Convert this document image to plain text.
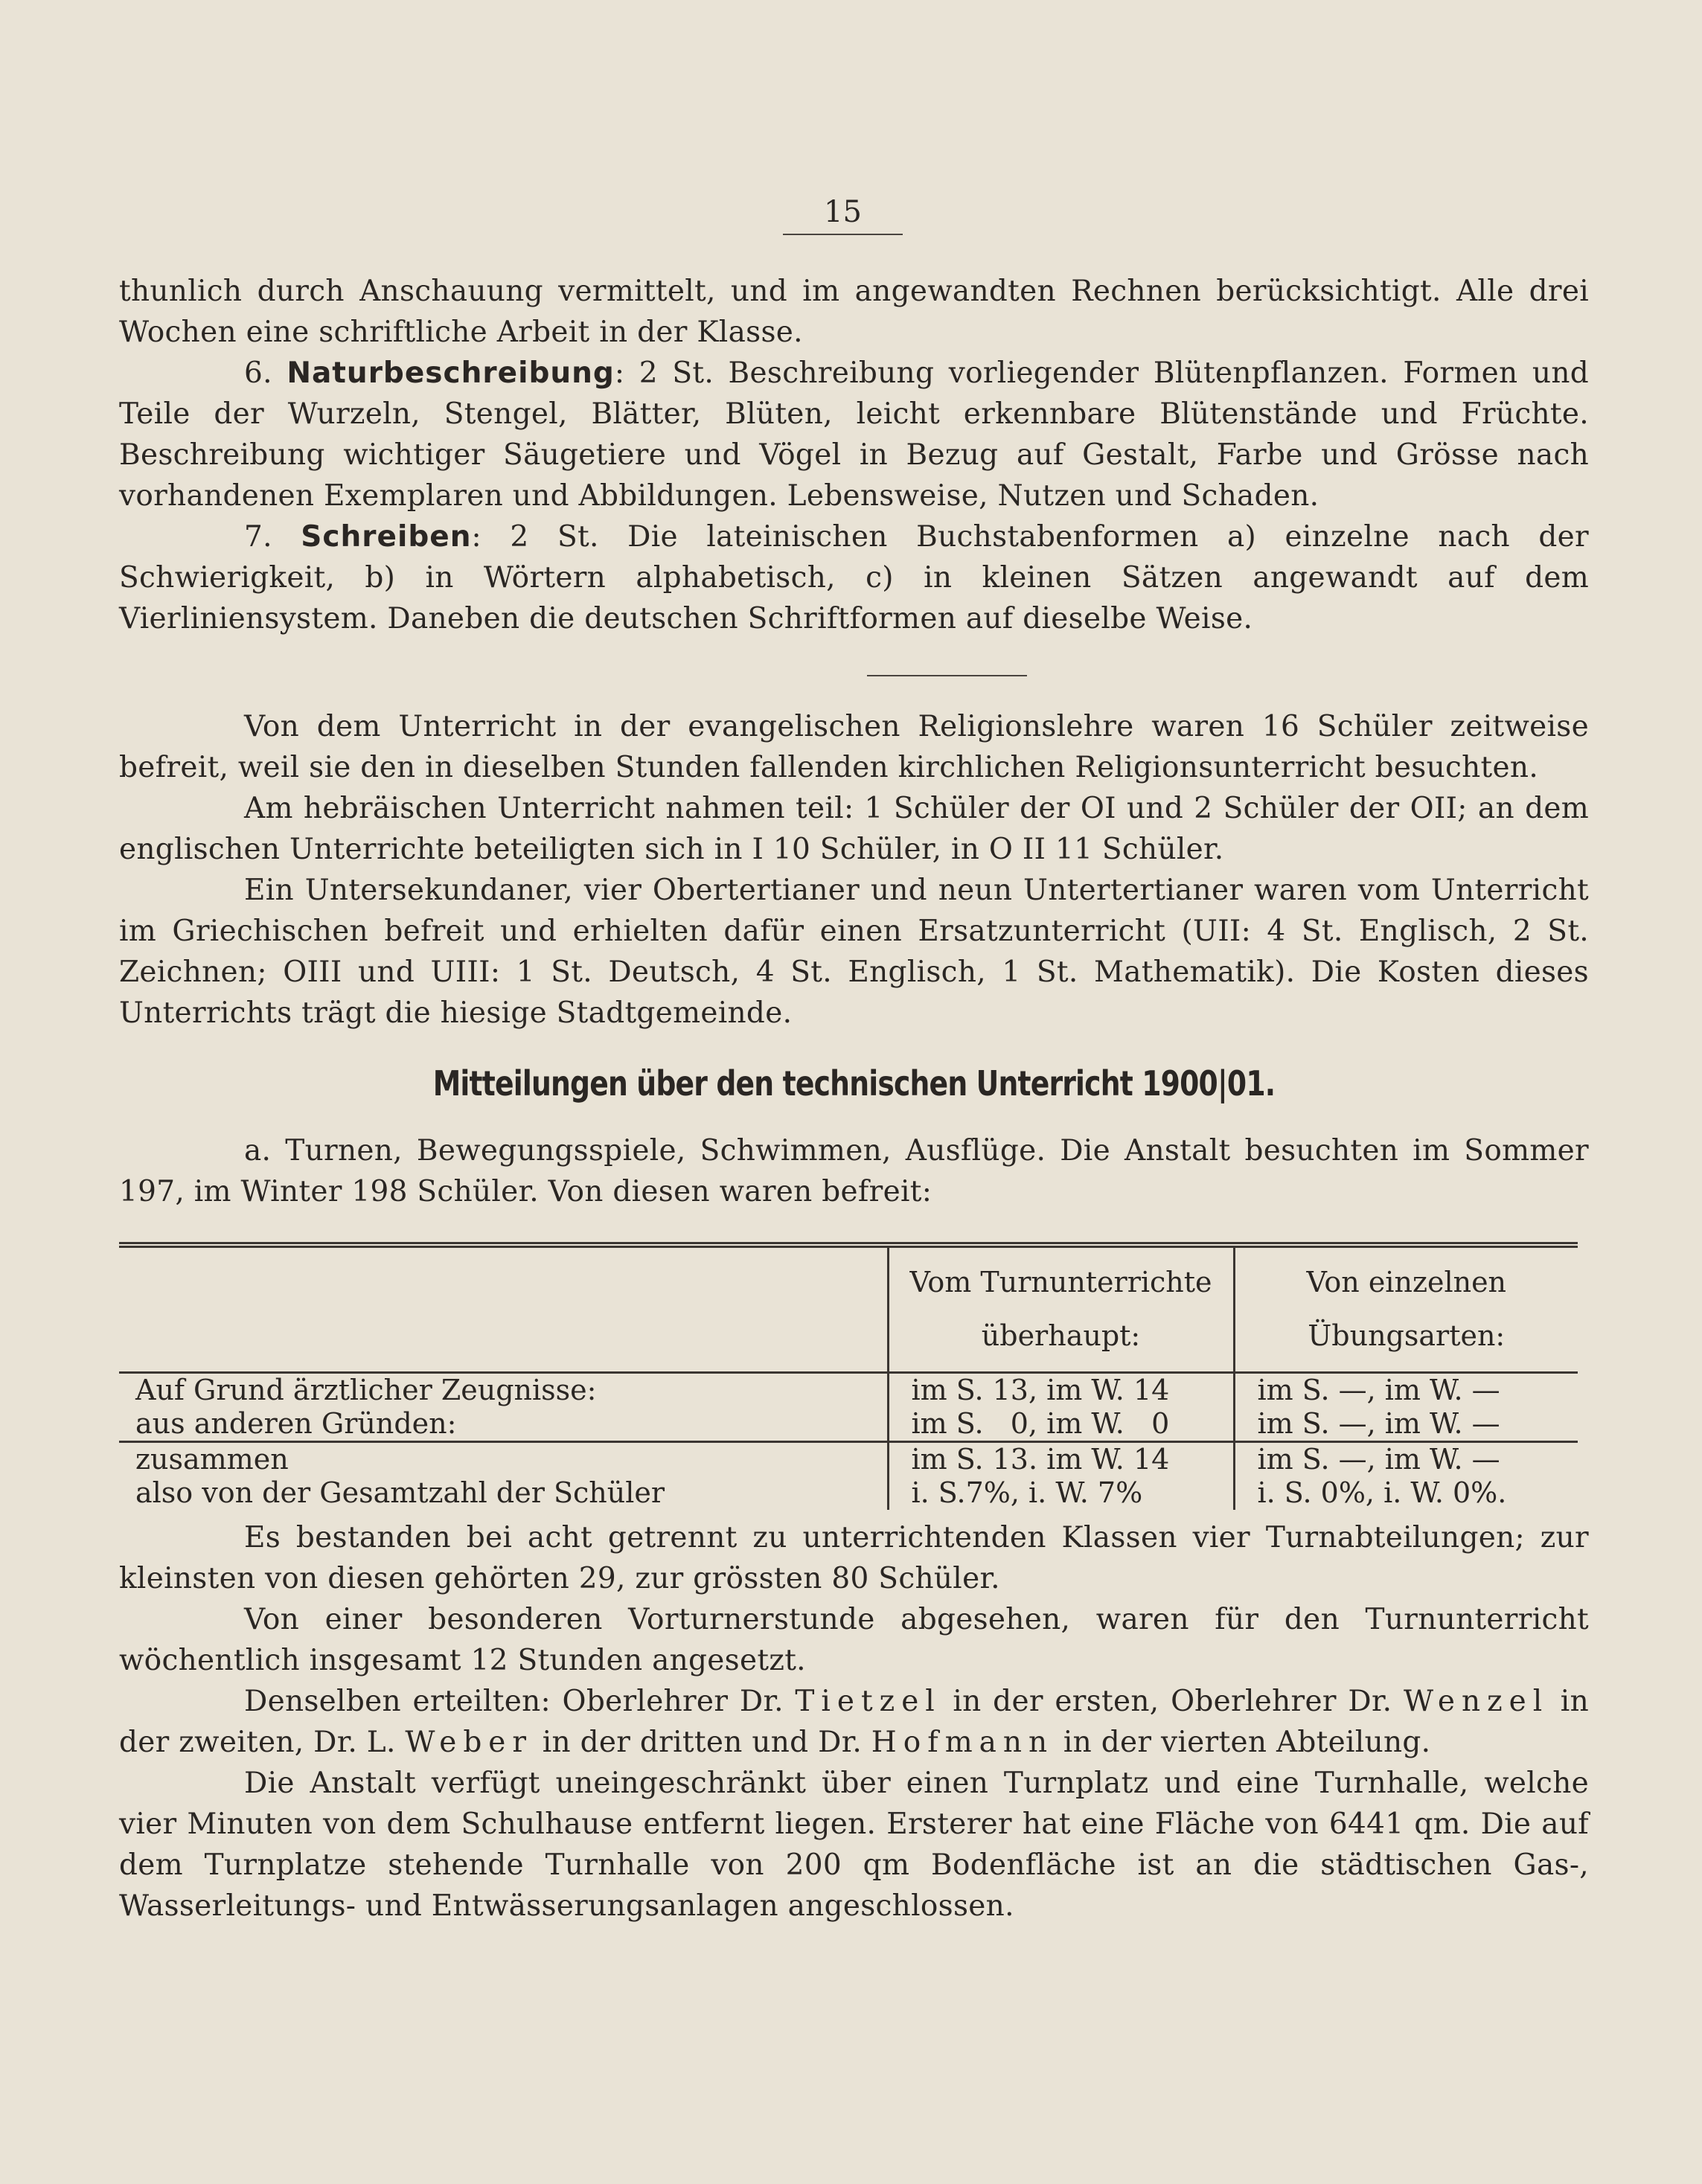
15

thunlich durch Anschauung vermittelt, und im angewandten Rechnen berücksichtigt. Alle drei Wochen eine schriftliche Arbeit in der Klasse.

6. Naturbeschreibung: 2 St. Beschreibung vorliegender Blütenpflanzen. Formen und Teile der Wurzeln, Stengel, Blätter, Blüten, leicht erkennbare Blütenstände und Früchte. Beschreibung wichtiger Säugetiere und Vögel in Bezug auf Gestalt, Farbe und Grösse nach vorhandenen Exemplaren und Abbildungen. Lebensweise, Nutzen und Schaden.

7. Schreiben: 2 St. Die lateinischen Buchstabenformen a) einzelne nach der Schwierigkeit, b) in Wörtern alphabetisch, c) in kleinen Sätzen angewandt auf dem Vierliniensystem. Daneben die deutschen Schriftformen auf dieselbe Weise.

Von dem Unterricht in der evangelischen Religionslehre waren 16 Schüler zeitweise befreit, weil sie den in dieselben Stunden fallenden kirchlichen Religionsunterricht besuchten.

Am hebräischen Unterricht nahmen teil: 1 Schüler der OI und 2 Schüler der OII; an dem englischen Unterrichte beteiligten sich in I 10 Schüler, in O II 11 Schüler.

Ein Untersekundaner, vier Obertertianer und neun Untertertianer waren vom Unterricht im Griechischen befreit und erhielten dafür einen Ersatzunterricht (UII: 4 St. Englisch, 2 St. Zeichnen; OIII und UIII: 1 St. Deutsch, 4 St. Englisch, 1 St. Mathematik). Die Kosten dieses Unterrichts trägt die hiesige Stadtgemeinde.

Mitteilungen über den technischen Unterricht 1900|01.

a. Turnen, Bewegungsspiele, Schwimmen, Ausflüge. Die Anstalt besuchten im Sommer 197, im Winter 198 Schüler. Von diesen waren befreit:

	Vom Turnunterrichte überhaupt:	Von einzelnen Übungsarten:
Auf Grund ärztlicher Zeugnisse:	im S. 13, im W. 14	im S. —, im W. —
aus anderen Gründen:	im S.   0, im W.   0	im S. —, im W. —
zusammen	im S. 13. im W. 14	im S. —, im W. —
also von der Gesamtzahl der Schüler	i. S.7%, i. W. 7%	i. S. 0%, i. W. 0%.

Es bestanden bei acht getrennt zu unterrichtenden Klassen vier Turnabteilungen; zur kleinsten von diesen gehörten 29, zur grössten 80 Schüler.

Von einer besonderen Vorturnerstunde abgesehen, waren für den Turnunterricht wöchentlich insgesamt 12 Stunden angesetzt.

Denselben erteilten: Oberlehrer Dr. Tietzel in der ersten, Oberlehrer Dr. Wenzel in der zweiten, Dr. L. Weber in der dritten und Dr. Hofmann in der vierten Abteilung.

Die Anstalt verfügt uneingeschränkt über einen Turnplatz und eine Turnhalle, welche vier Minuten von dem Schulhause entfernt liegen. Ersterer hat eine Fläche von 6441 qm. Die auf dem Turnplatze stehende Turnhalle von 200 qm Bodenfläche ist an die städtischen Gas-, Wasserleitungs- und Entwässerungsanlagen angeschlossen.
